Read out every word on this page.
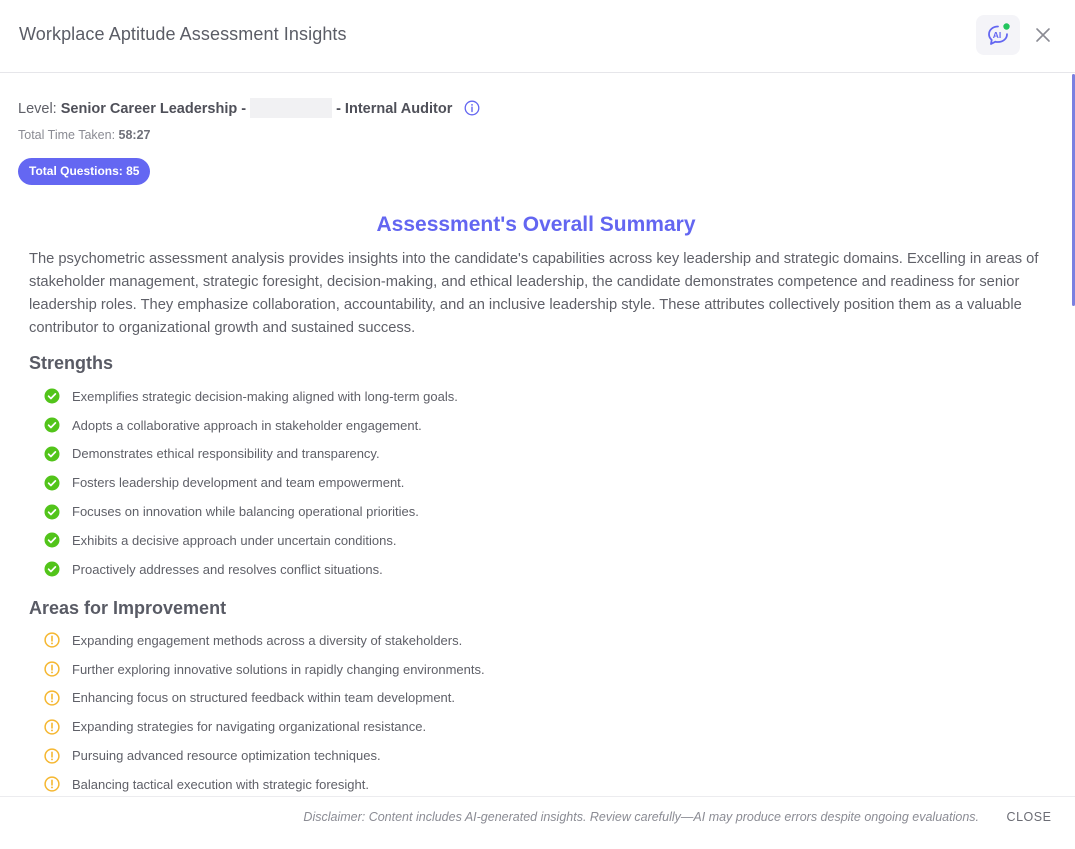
Workplace Aptitude Assessment Insights	AI
Level: Senior Career Leadership -	- Internal Auditor
Total Time Taken: 58:27
Total Questions: 85
Assessment's Overall Summary
The psychometric assessment analysis provides insights into the candidate's capabilities across key leadership and strategic domains. Excelling in areas of stakeholder management, strategic foresight, decision-making, and ethical leadership, the candidate demonstrates competence and readiness for senior leadership roles. They emphasize collaboration, accountability, and an inclusive leadership style. These attributes collectively position them as a valuable contributor to organizational growth and sustained success.
Strengths
Exemplifies strategic decision-making aligned with long-term goals.
Adopts a collaborative approach in stakeholder engagement.
Demonstrates ethical responsibility and transparency.
Fosters leadership development and team empowerment.
Focuses on innovation while balancing operational priorities.
Exhibits a decisive approach under uncertain conditions.
Proactively addresses and resolves conflict situations.
Areas for Improvement
Expanding engagement methods across a diversity of stakeholders.
Further exploring innovative solutions in rapidly changing environments.
Enhancing focus on structured feedback within team development.
Expanding strategies for navigating organizational resistance.
Pursuing advanced resource optimization techniques.
Balancing tactical execution with strategic foresight.
Disclaimer: Content includes AI-generated insights. Review carefully—AI may produce errors despite ongoing evaluations.	CLOSE
